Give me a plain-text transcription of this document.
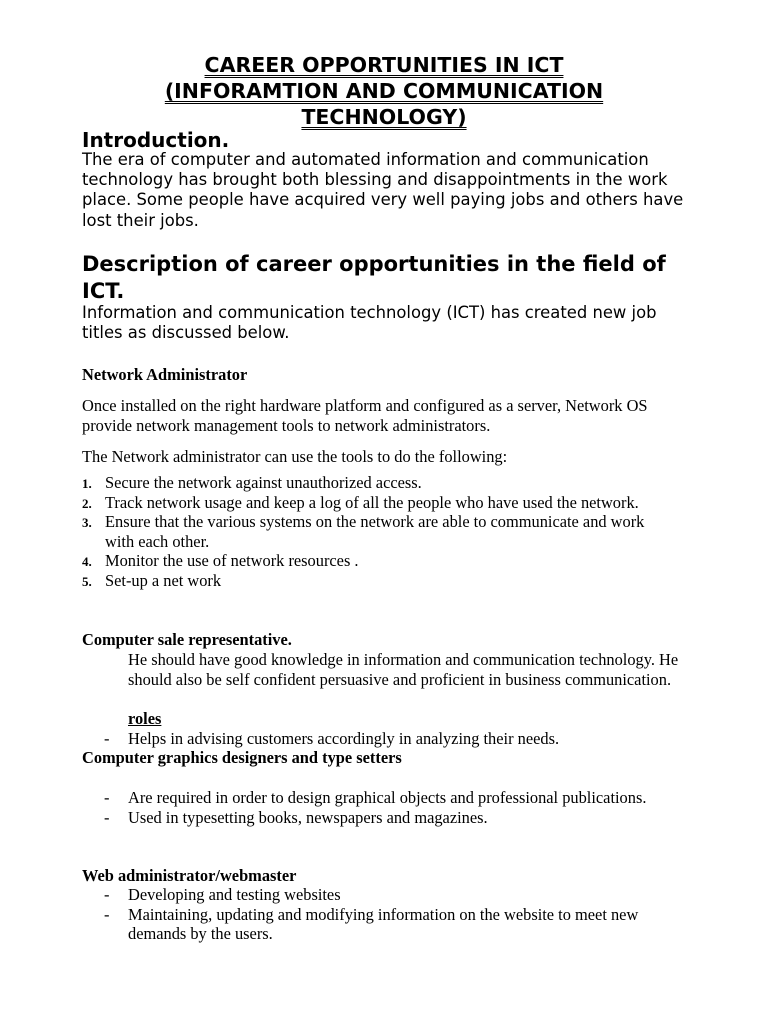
CAREER OPPORTUNITIES IN ICT
(INFORAMTION AND COMMUNICATION
TECHNOLOGY)
Introduction.

The era of computer and automated information and communication technology has brought both blessing and disappointments in the work place. Some people have acquired very well paying jobs and others have lost their jobs.

Description of career opportunities in the field of ICT.

Information and communication technology (ICT) has created new job titles as discussed below.

Network Administrator

Once installed on the right hardware platform and configured as a server, Network OS provide network management tools to network administrators.

The Network administrator can use the tools to do the following:

1. Secure the network against unauthorized access.
2. Track network usage and keep a log of all the people who have used the network.
3. Ensure that the various systems on the network are able to communicate and work with each other.
4. Monitor the use of network resources .
5. Set-up a net work

Computer sale representative.

He should have good knowledge in information and communication technology. He should also be self confident persuasive and proficient in business communication.

roles

- Helps in advising customers accordingly in analyzing their needs.

Computer graphics designers and type setters

- Are required in order to design graphical objects and professional publications.
- Used in typesetting books, newspapers and magazines.

Web administrator/webmaster

- Developing and testing websites
- Maintaining, updating and modifying information on the website to meet new demands by the users.
